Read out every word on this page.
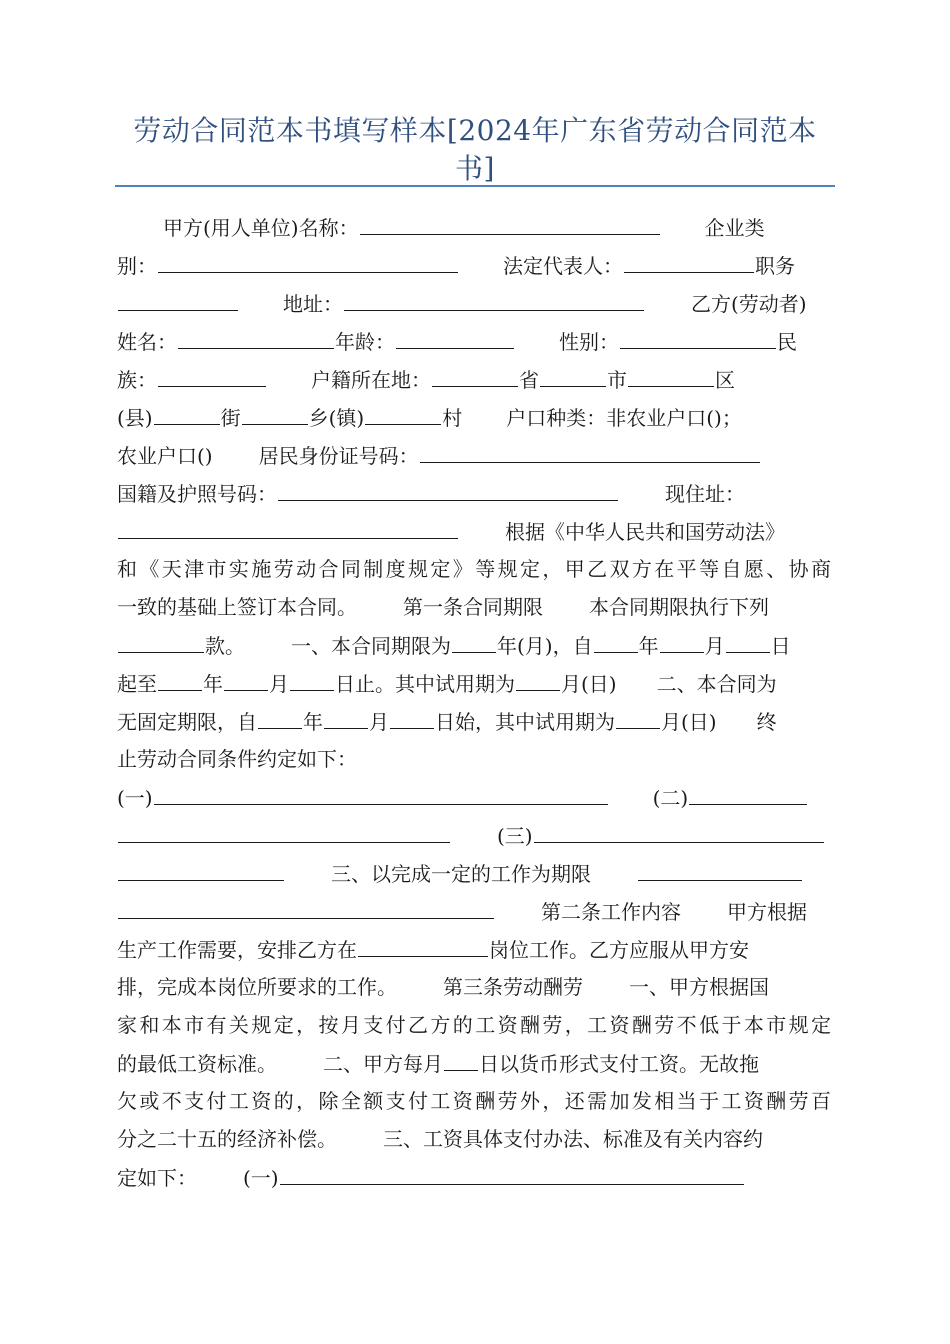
劳动合同范本书填写样本[2024年广东省劳动合同范本书]
甲方(用人单位)名称：	企业类
别：	法定代表人：	职务
地址：	乙方(劳动者)
姓名：	年龄：	性别：	民
族：	户籍所在地：	省	市	区
(县)	街	乡(镇)	村 户口种类：非农业户口()；
农业户口() 居民身份证号码：
国籍及护照号码：	现住址：
根据《中华人民共和国劳动法》
和《天津市实施劳动合同制度规定》等规定，甲乙双方在平等自愿、协商
一致的基础上签订本合同。 第一条合同期限 本合同期限执行下列
款。 一、本合同期限为 年(月)，自 年 月 日
起至 年 月 日止。其中试用期为 月(日) 二、本合同为
无固定期限，自 年 月 日始，其中试用期为 月(日) 终
止劳动合同条件约定如下：
(一)	(二)
(三)
三、以完成一定的工作为期限
第二条工作内容 甲方根据
生产工作需要，安排乙方在	岗位工作。乙方应服从甲方安
排，完成本岗位所要求的工作。 第三条劳动酬劳 一、甲方根据国
家和本市有关规定，按月支付乙方的工资酬劳，工资酬劳不低于本市规定
的最低工资标准。 二、甲方每月 日以货币形式支付工资。无故拖
欠或不支付工资的，除全额支付工资酬劳外，还需加发相当于工资酬劳百
分之二十五的经济补偿。 三、工资具体支付办法、标准及有关内容约
定如下： (一)
